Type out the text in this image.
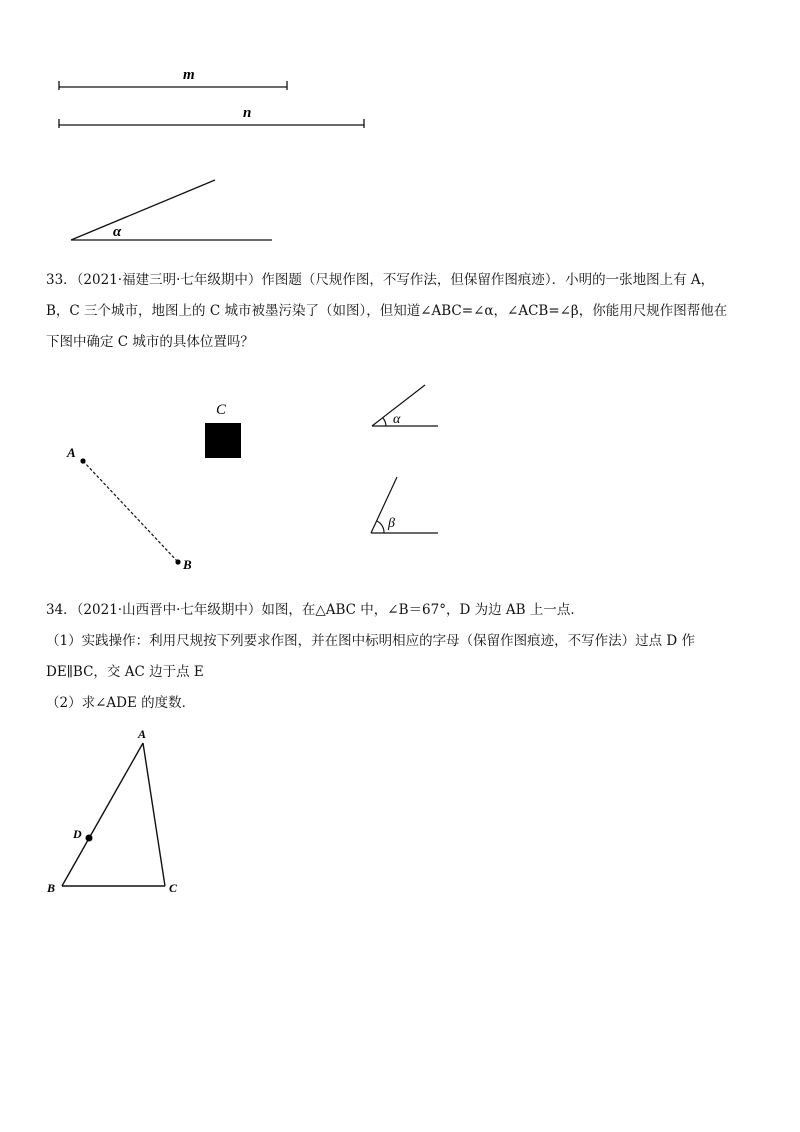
m
n
α
C
A
B
α
β
A
D
B	C
33．（2021·福建三明·七年级期中）作图题（尺规作图，不写作法，但保留作图痕迹）．小明的一张地图上有 A，
B，C 三个城市，地图上的 C 城市被墨污染了（如图），但知道∠ABC=∠α，∠ACB=∠β，你能用尺规作图帮他在
下图中确定 C 城市的具体位置吗？
34．（2021·山西晋中·七年级期中）如图，在△ABC 中，∠B＝67°，D 为边 AB 上一点．
（1）实践操作：利用尺规按下列要求作图，并在图中标明相应的字母（保留作图痕迹，不写作法）过点 D 作
DE∥BC，交 AC 边于点 E
（2）求∠ADE 的度数．
